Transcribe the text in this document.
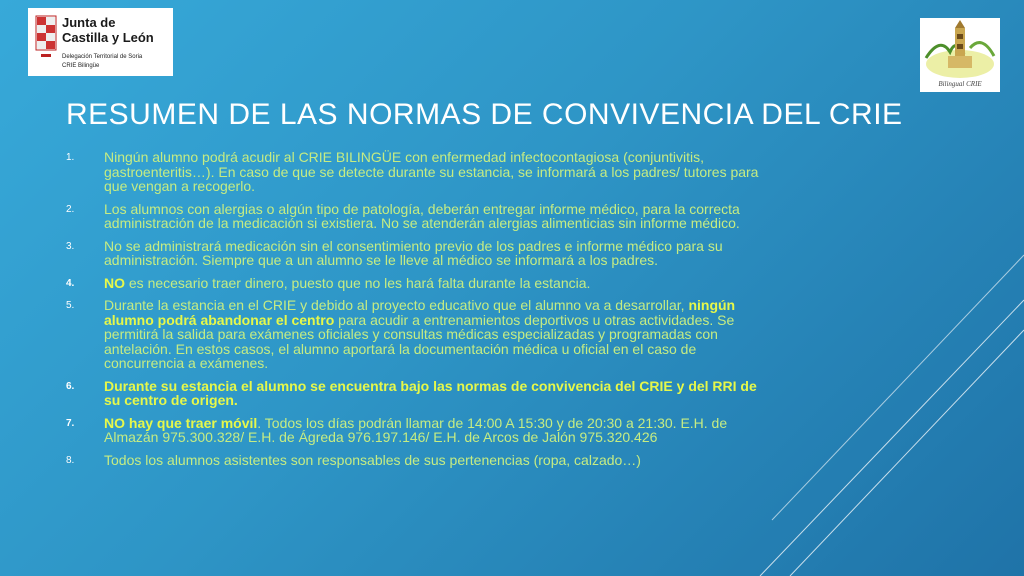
Junta de
Castilla y León
Delegación Territorial de Soria
CRIE Bilingüe
Bilingual CRIE
RESUMEN DE LAS NORMAS DE CONVIVENCIA DEL CRIE
1. Ningún alumno podrá acudir al CRIE BILINGÜE con enfermedad infectocontagiosa (conjuntivitis, gastroenteritis…). En caso de que se detecte durante su estancia, se informará a los padres/ tutores para que vengan a recogerlo.
2. Los alumnos con alergias o algún tipo de patología, deberán entregar informe médico, para la correcta administración de la medicación si existiera. No se atenderán alergias alimenticias sin informe médico.
3. No se administrará medicación sin el consentimiento previo de los padres e informe médico para su administración. Siempre que a un alumno se le lleve al médico se informará a los padres.
4. NO es necesario traer dinero, puesto que no les hará falta durante la estancia.
5. Durante la estancia en el CRIE y debido al proyecto educativo que el alumno va a desarrollar, ningún alumno podrá abandonar el centro para acudir a entrenamientos deportivos u otras actividades. Se permitirá la salida para exámenes oficiales y consultas médicas especializadas y programadas con antelación. En estos casos, el alumno aportará la documentación médica u oficial en el caso de concurrencia a exámenes.
6. Durante su estancia el alumno se encuentra bajo las normas de convivencia del CRIE y del RRI de su centro de origen.
7. NO hay que traer móvil. Todos los días podrán llamar de 14:00 A 15:30 y de 20:30 a 21:30. E.H. de Almazán 975.300.328/ E.H. de Ágreda 976.197.146/ E.H. de Arcos de Jalón 975.320.426
8. Todos los alumnos asistentes son responsables de sus pertenencias (ropa, calzado…)
